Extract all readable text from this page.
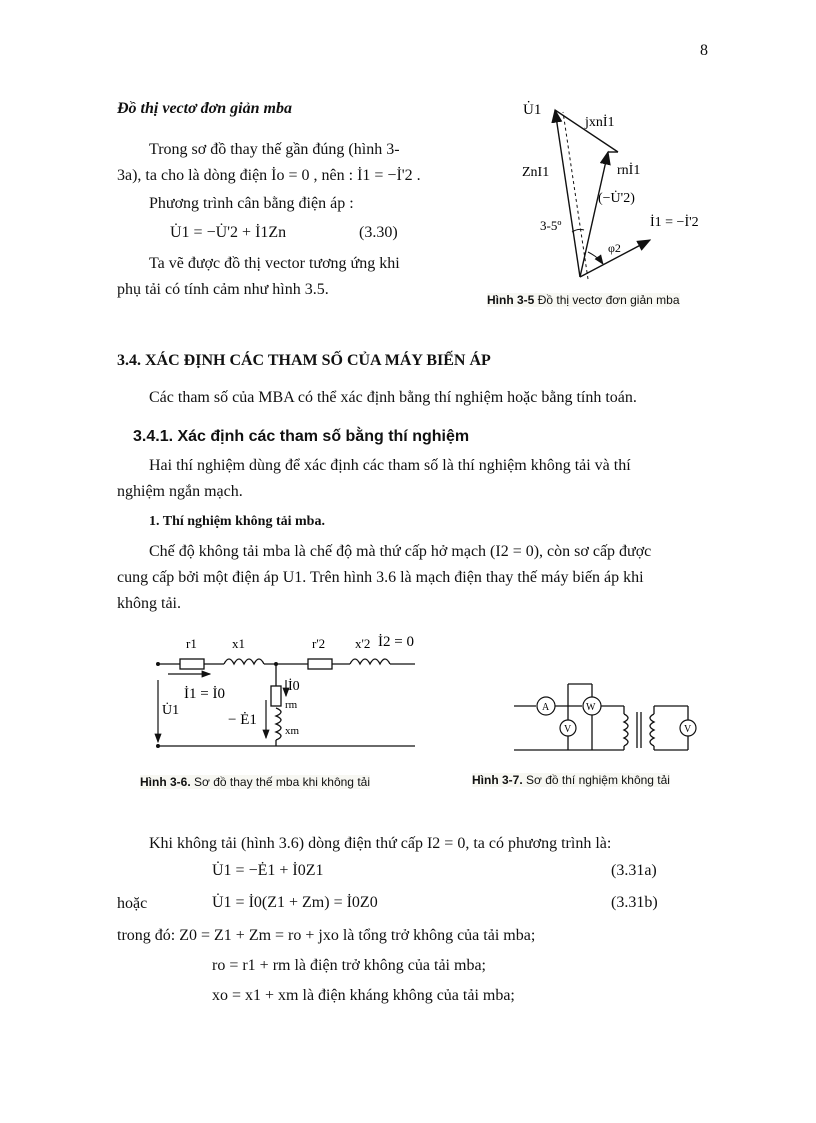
8
Đồ thị vectơ đơn giản mba
Trong sơ đồ thay thế gần đúng (hình 3-
3a), ta cho là dòng điện İo = 0 , nên : İ1 = −İ'2 .
Phương trình cân bằng điện áp :
U̇1 = −U̇'2 + İ1Zn	(3.30)
Ta vẽ được đồ thị vector tương ứng khi
phụ tải có tính cảm như hình 3.5.
U̇1
jxnİ1
ZnI1	rnİ1
(−U̇'2)
3-5º	İ1 = −İ'2
φ2
Hình 3-5 Đồ thị vectơ đơn giản mba
3.4. XÁC ĐỊNH CÁC THAM SỐ CỦA MÁY BIẾN ÁP
Các tham số của MBA có thể xác định bằng thí nghiệm hoặc bằng tính toán.
3.4.1. Xác định các tham số bằng thí nghiệm
Hai thí nghiệm dùng để xác định các tham số là thí nghiệm không tải và thí
nghiệm ngắn mạch.
1. Thí nghiệm không tải mba.
Chế độ không tải mba là chế độ mà thứ cấp hở mạch (I2 = 0), còn sơ cấp được
cung cấp bởi một điện áp U1. Trên hình 3.6 là mạch điện thay thế máy biến áp khi
không tải.
r1	x1	r'2 x'2 İ2 = 0
U̇1
İ1 = İ0
− Ė1
İ0
rm
xm
Hình 3-6. Sơ đồ thay thế mba khi không tải
A	W
V	V
Hình 3-7. Sơ đồ thí nghiệm không tải
Khi không tải (hình 3.6) dòng điện thứ cấp I2 = 0, ta có phương trình là:
U̇1 = −Ė1 + İ0Z1	(3.31a)
hoặc	U̇1 = İ0(Z1 + Zm) = İ0Z0	(3.31b)
trong đó: Z0 = Z1 + Zm = ro + jxo là tổng trở không của tải mba;
ro = r1 + rm là điện trở không của tải mba;
xo = x1 + xm là điện kháng không của tải mba;
